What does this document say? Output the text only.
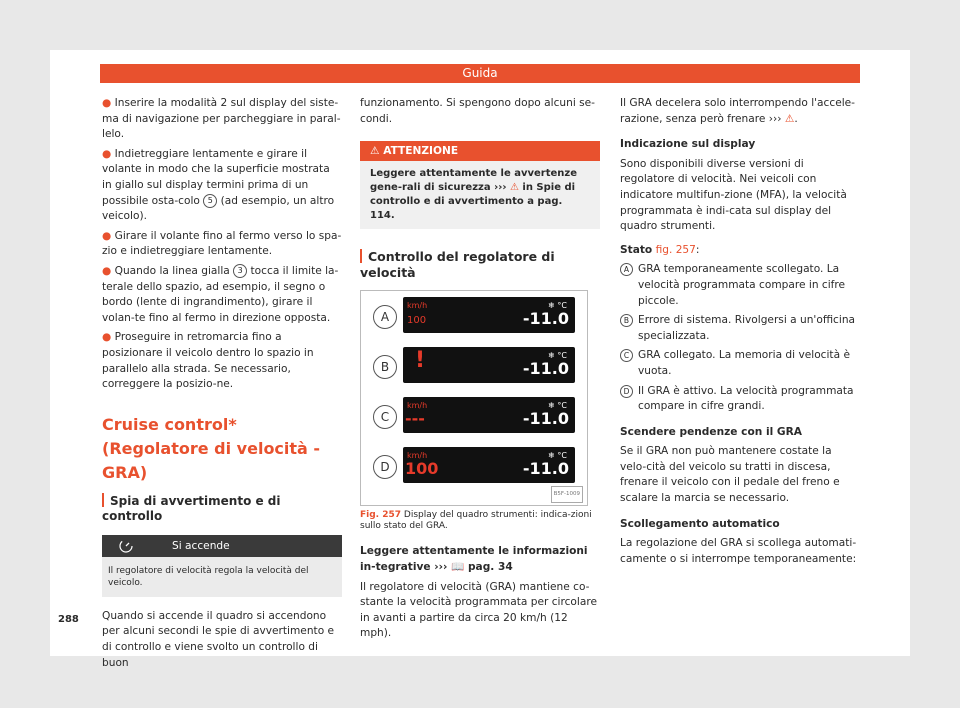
Guida

● Inserire la modalità 2 sul display del siste-ma di navigazione per parcheggiare in paral-lelo.

● Indietreggiare lentamente e girare il volante in modo che la superficie mostrata in giallo sul display termini prima di un possibile osta-colo 5 (ad esempio, un altro veicolo).

● Girare il volante fino al fermo verso lo spa-zio e indietreggiare lentamente.

● Quando la linea gialla 3 tocca il limite la-terale dello spazio, ad esempio, il segno o bordo (lente di ingrandimento), girare il volan-te fino al fermo in direzione opposta.

● Proseguire in retromarcia fino a posizionare il veicolo dentro lo spazio in parallelo alla strada. Se necessario, correggere la posizio-ne.

Cruise control* (Regolatore di velocità - GRA)
Spia di avvertimento e di controllo
Si accende
Il regolatore di velocità regola la velocità del veicolo.

Quando si accende il quadro si accendono per alcuni secondi le spie di avvertimento e di controllo e viene svolto un controllo di buon

funzionamento. Si spengono dopo alcuni se-condi.

⚠ ATTENZIONE
Leggere attentamente le avvertenze gene-rali di sicurezza ››› ⚠ in Spie di controllo e di avvertimento a pag. 114.
Controllo del regolatore di velocità
A
km/h
100
❄ °C
-11.0
B	!	❄ °C
-11.0
C
km/h
---
❄ °C
-11.0
D
km/h
100
❄ °C
-11.0
B5F-1009
Fig. 257 Display del quadro strumenti: indica-zioni sullo stato del GRA.

Leggere attentamente le informazioni in-tegrative ››› 📖 pag. 34

Il regolatore di velocità (GRA) mantiene co-stante la velocità programmata per circolare in avanti a partire da circa 20 km/h (12 mph).

Il GRA decelera solo interrompendo l'accele-razione, senza però frenare ››› ⚠.

Indicazione sul display

Sono disponibili diverse versioni di regolatore di velocità. Nei veicoli con indicatore multifun-zione (MFA), la velocità programmata è indi-cata sul display del quadro strumenti.

Stato fig. 257:

A GRA temporaneamente scollegato. La velocità programmata compare in cifre piccole.
B Errore di sistema. Rivolgersi a un'officina specializzata.
C GRA collegato. La memoria di velocità è vuota.
D Il GRA è attivo. La velocità programmata compare in cifre grandi.

Scendere pendenze con il GRA

Se il GRA non può mantenere costate la velo-cità del veicolo su tratti in discesa, frenare il veicolo con il pedale del freno e scalare la marcia se necessario.

Scollegamento automatico

La regolazione del GRA si scollega automati-camente o si interrompe temporaneamente:

288
